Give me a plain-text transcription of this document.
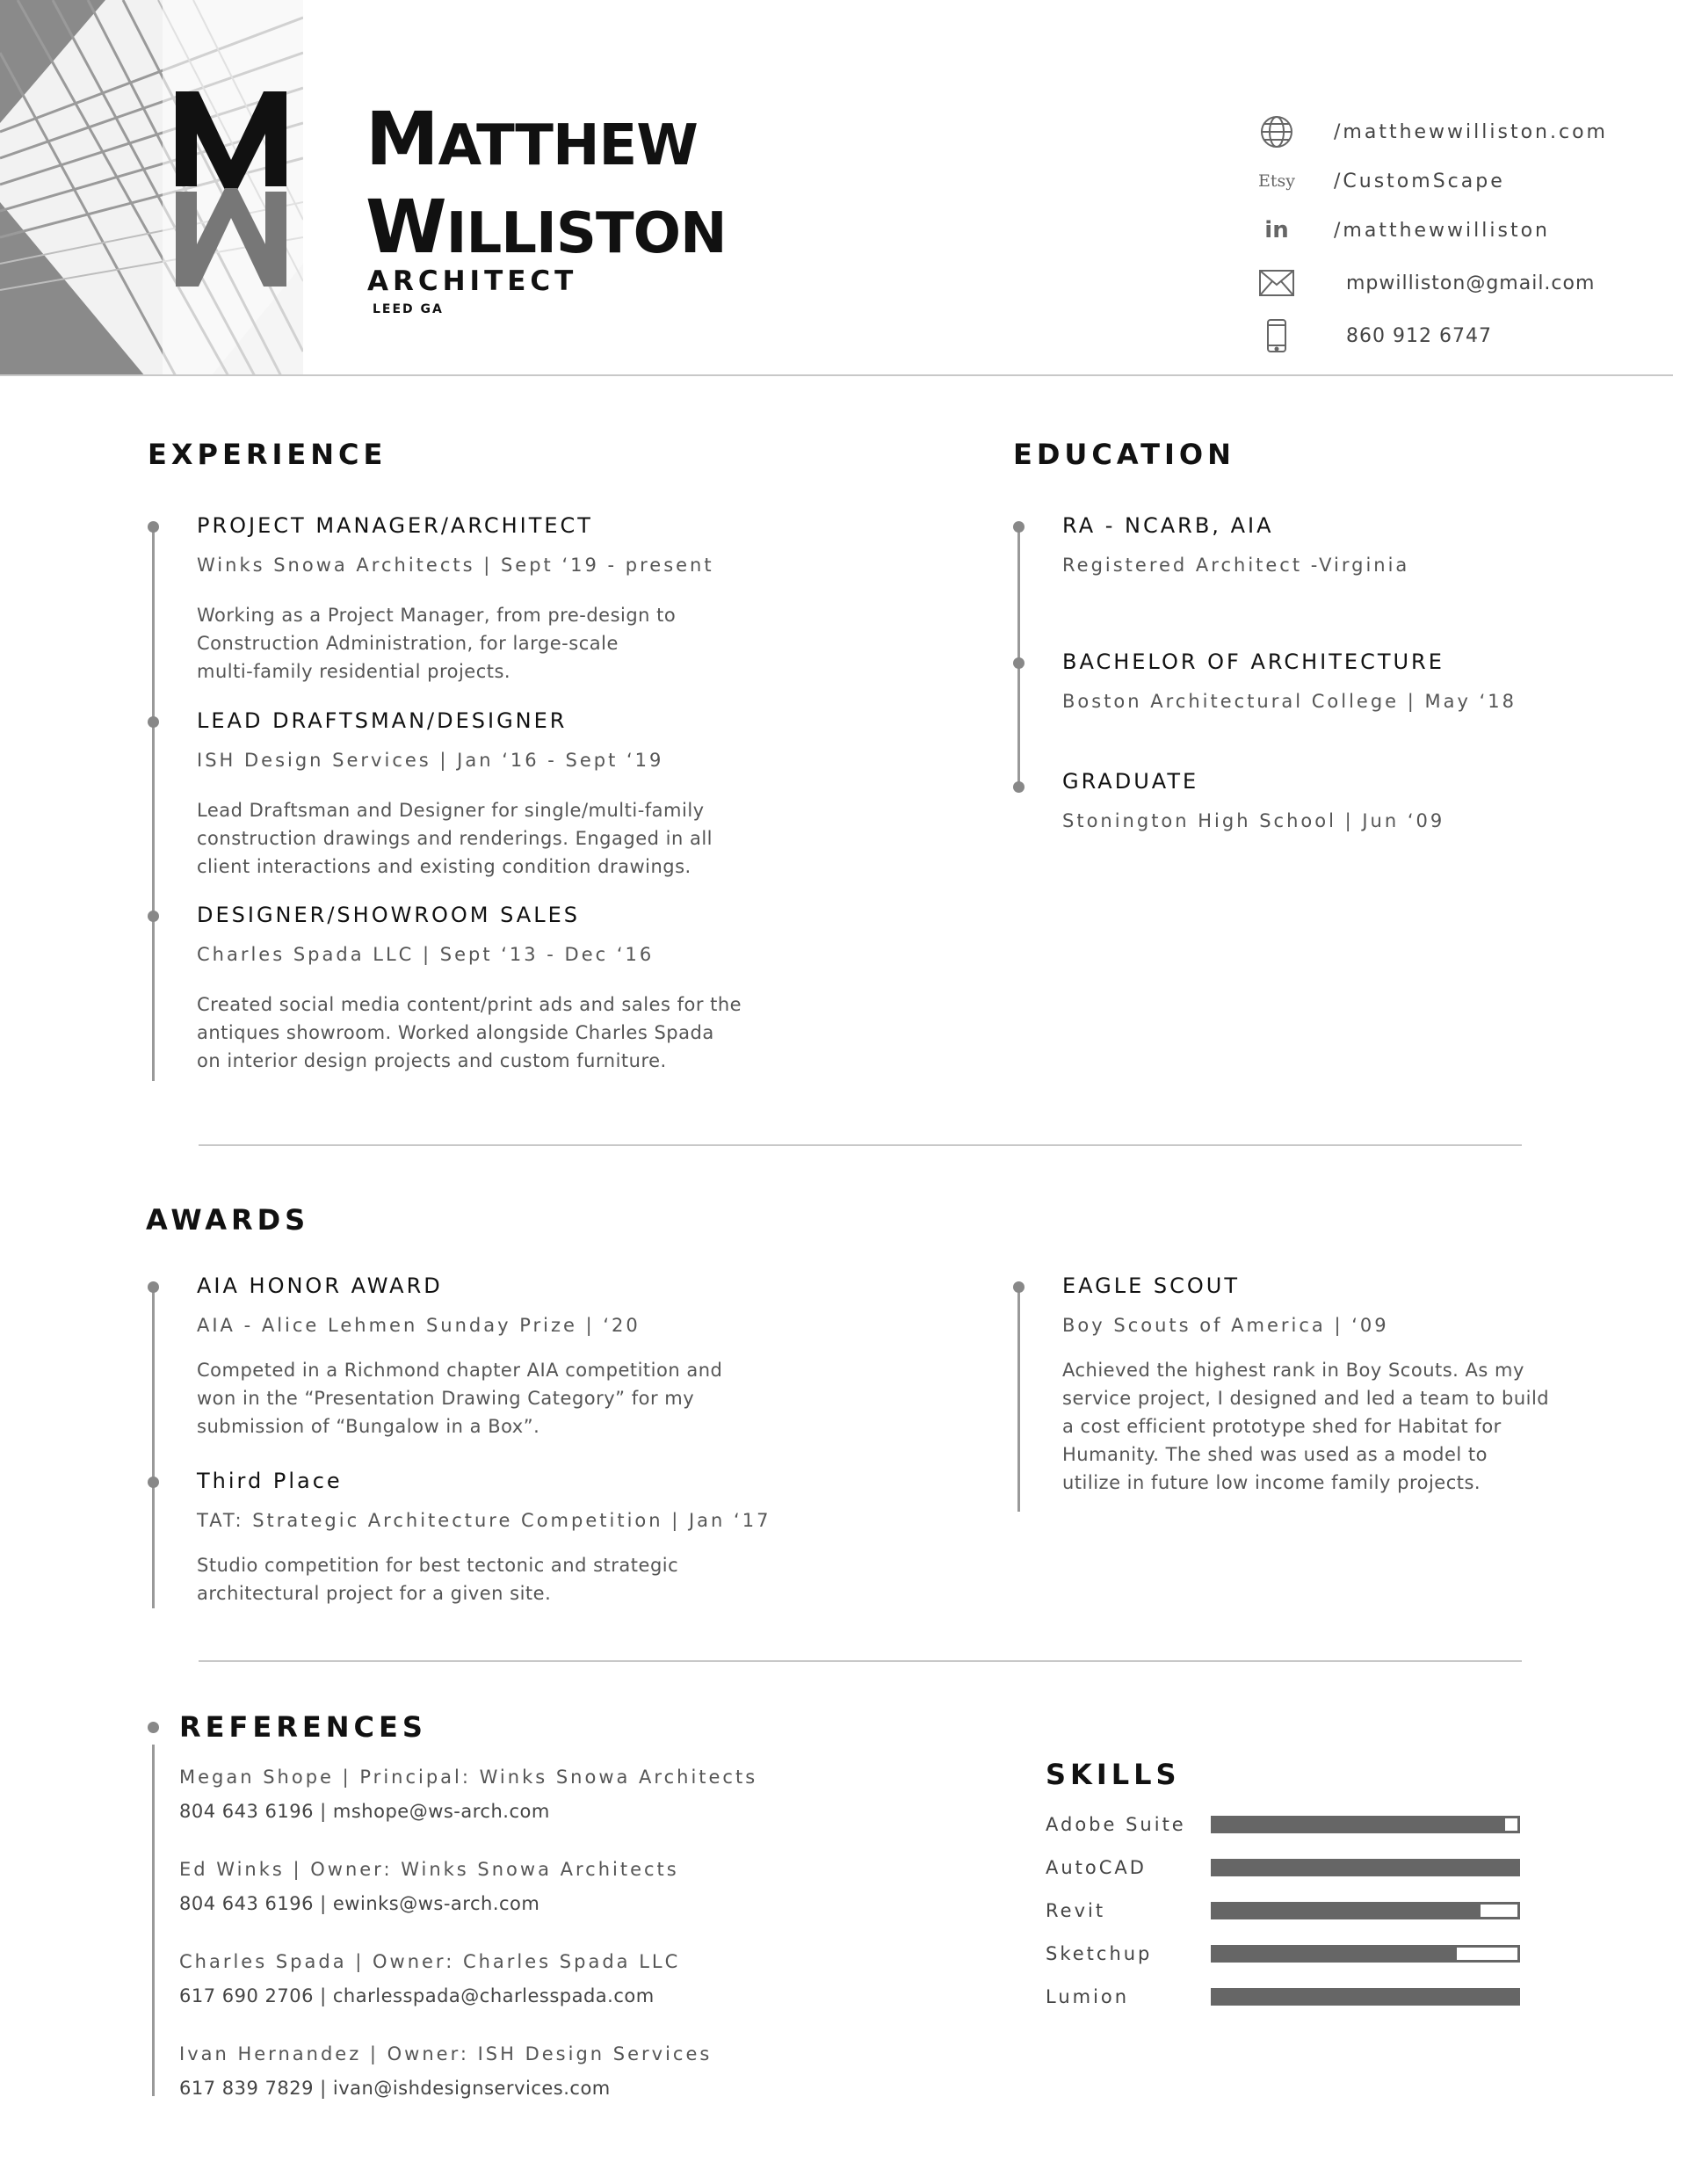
MATTHEW
WILLISTON
ARCHITECT
LEED GA
/matthewwilliston.com
Etsy /CustomScape
in /matthewwilliston
mpwilliston@gmail.com
860 912 6747
EXPERIENCE
PROJECT MANAGER/ARCHITECT
Winks Snowa Architects | Sept ‘19 - present
Working as a Project Manager, from pre-design to
Construction Administration, for large-scale
multi-family residential projects.
LEAD DRAFTSMAN/DESIGNER
ISH Design Services | Jan ‘16 - Sept ‘19
Lead Draftsman and Designer for single/multi-family
construction drawings and renderings. Engaged in all
client interactions and existing condition drawings.
DESIGNER/SHOWROOM SALES
Charles Spada LLC | Sept ‘13 - Dec ‘16
Created social media content/print ads and sales for the
antiques showroom. Worked alongside Charles Spada
on interior design projects and custom furniture.
EDUCATION
RA - NCARB, AIA
Registered Architect -Virginia
BACHELOR OF ARCHITECTURE
Boston Architectural College | May ‘18
GRADUATE
Stonington High School | Jun ‘09
AWARDS
AIA HONOR AWARD
AIA - Alice Lehmen Sunday Prize | ‘20
Competed in a Richmond chapter AIA competition and
won in the “Presentation Drawing Category” for my
submission of “Bungalow in a Box”.
Third Place
TAT: Strategic Architecture Competition | Jan ‘17
Studio competition for best tectonic and strategic
architectural project for a given site.
EAGLE SCOUT
Boy Scouts of America | ‘09
Achieved the highest rank in Boy Scouts. As my
service project, I designed and led a team to build
a cost efficient prototype shed for Habitat for
Humanity. The shed was used as a model to
utilize in future low income family projects.
REFERENCES
Megan Shope | Principal: Winks Snowa Architects
804 643 6196 | mshope@ws-arch.com
Ed Winks | Owner: Winks Snowa Architects
804 643 6196 | ewinks@ws-arch.com
Charles Spada | Owner: Charles Spada LLC
617 690 2706 | charlesspada@charlesspada.com
Ivan Hernandez | Owner: ISH Design Services
617 839 7829 | ivan@ishdesignservices.com
SKILLS
Adobe Suite
AutoCAD
Revit
Sketchup
Lumion
